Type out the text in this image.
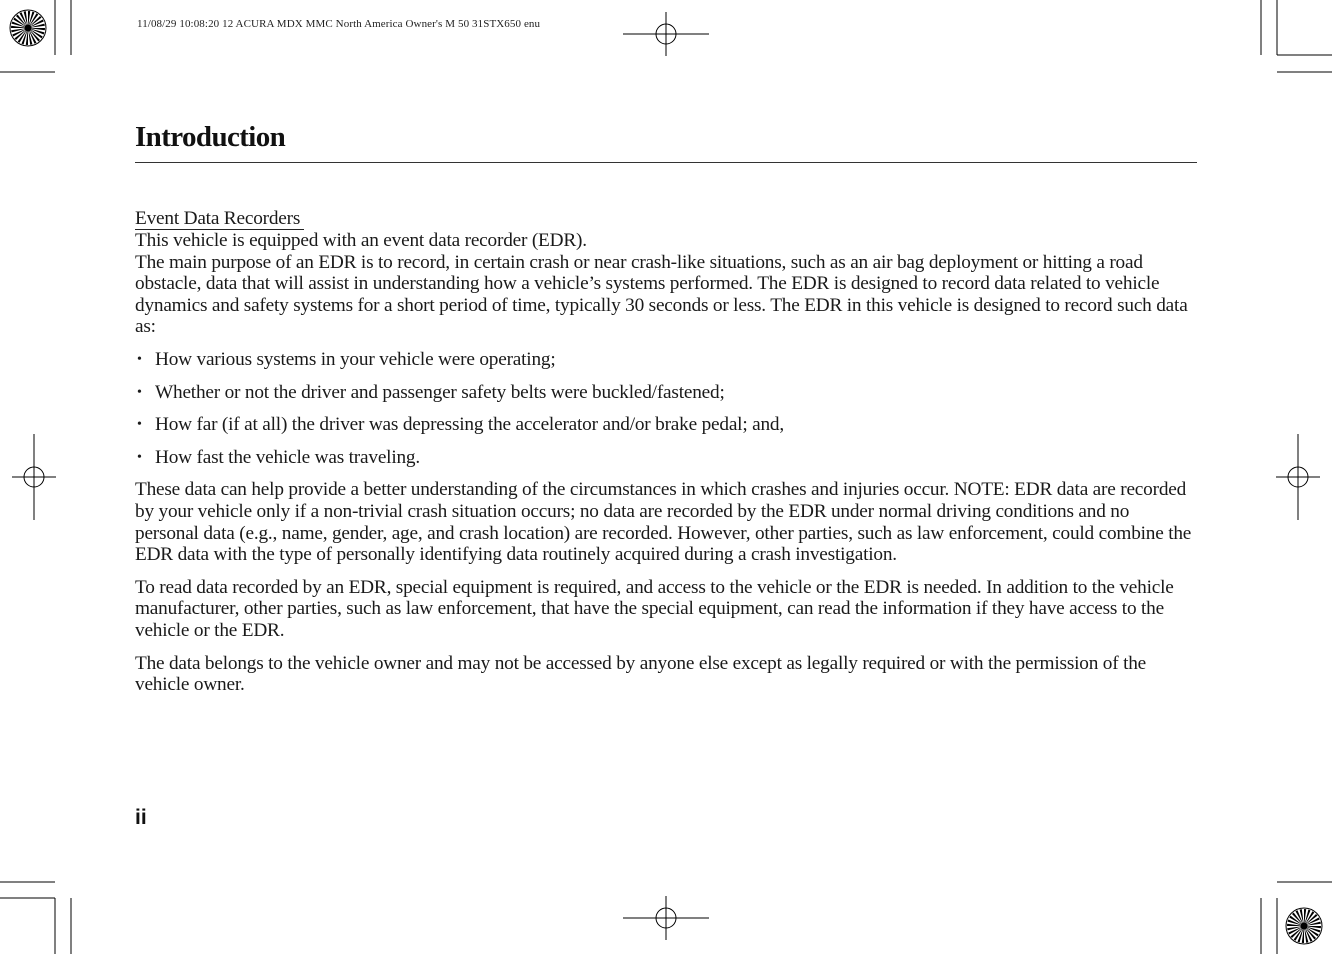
11/08/29 10:08:20 12 ACURA MDX MMC North America Owner's M 50 31STX650 enu
Introduction

Event Data Recorders

This vehicle is equipped with an event data recorder (EDR).

The main purpose of an EDR is to record, in certain crash or near crash-like situations, such as an air bag deployment or hitting a road obstacle, data that will assist in understanding how a vehicle’s systems performed. The EDR is designed to record data related to vehicle dynamics and safety systems for a short period of time, typically 30 seconds or less. The EDR in this vehicle is designed to record such data as:

• How various systems in your vehicle were operating;
• Whether or not the driver and passenger safety belts were buckled/fastened;
• How far (if at all) the driver was depressing the accelerator and/or brake pedal; and,
• How fast the vehicle was traveling.

These data can help provide a better understanding of the circumstances in which crashes and injuries occur. NOTE: EDR data are recorded by your vehicle only if a non-trivial crash situation occurs; no data are recorded by the EDR under normal driving conditions and no personal data (e.g., name, gender, age, and crash location) are recorded. However, other parties, such as law enforcement, could combine the EDR data with the type of personally identifying data routinely acquired during a crash investigation.

To read data recorded by an EDR, special equipment is required, and access to the vehicle or the EDR is needed. In addition to the vehicle manufacturer, other parties, such as law enforcement, that have the special equipment, can read the information if they have access to the vehicle or the EDR.

The data belongs to the vehicle owner and may not be accessed by anyone else except as legally required or with the permission of the vehicle owner.

ii
